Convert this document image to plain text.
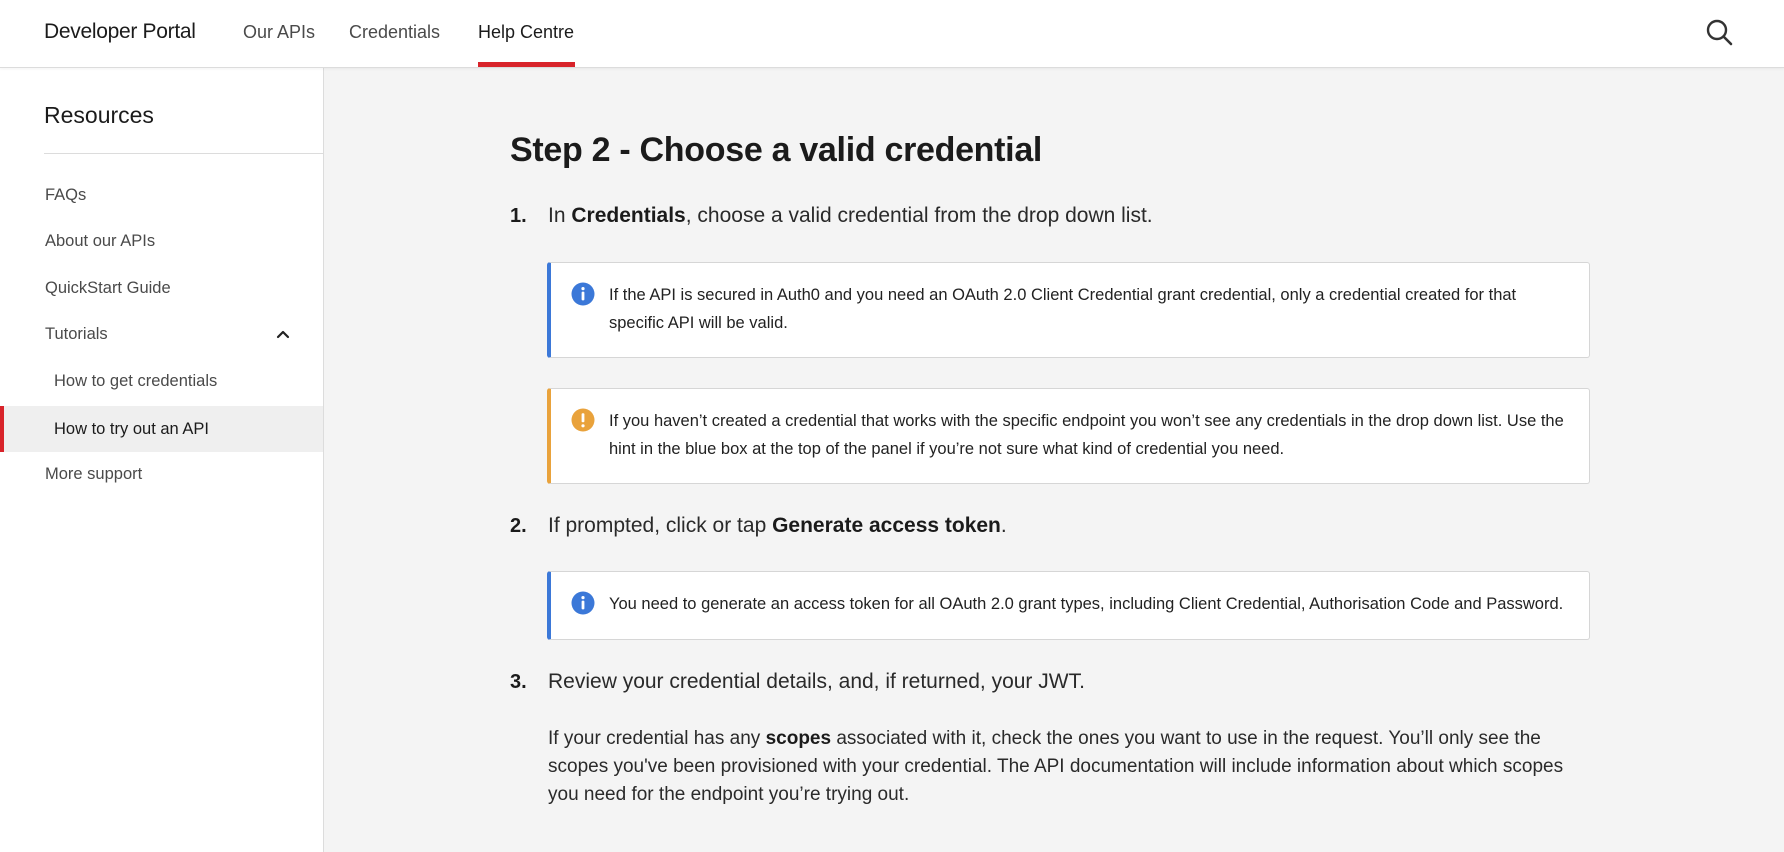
Developer Portal	Our APIs Credentials Help Centre
Resources
FAQs
About our APIs
QuickStart Guide
Tutorials
How to get credentials
How to try out an API
More support
Step 2 - Choose a valid credential
1. In Credentials, choose a valid credential from the drop down list.
If the API is secured in Auth0 and you need an OAuth 2.0 Client Credential grant credential, only a credential created for that specific API will be valid.
If you haven’t created a credential that works with the specific endpoint you won’t see any credentials in the drop down list. Use the hint in the blue box at the top of the panel if you’re not sure what kind of credential you need.
2. If prompted, click or tap Generate access token.
You need to generate an access token for all OAuth 2.0 grant types, including Client Credential, Authorisation Code and Password.
3. Review your credential details, and, if returned, your JWT.

If your credential has any scopes associated with it, check the ones you want to use in the request. You’ll only see the scopes you've been provisioned with your credential. The API documentation will include information about which scopes you need for the endpoint you’re trying out.
